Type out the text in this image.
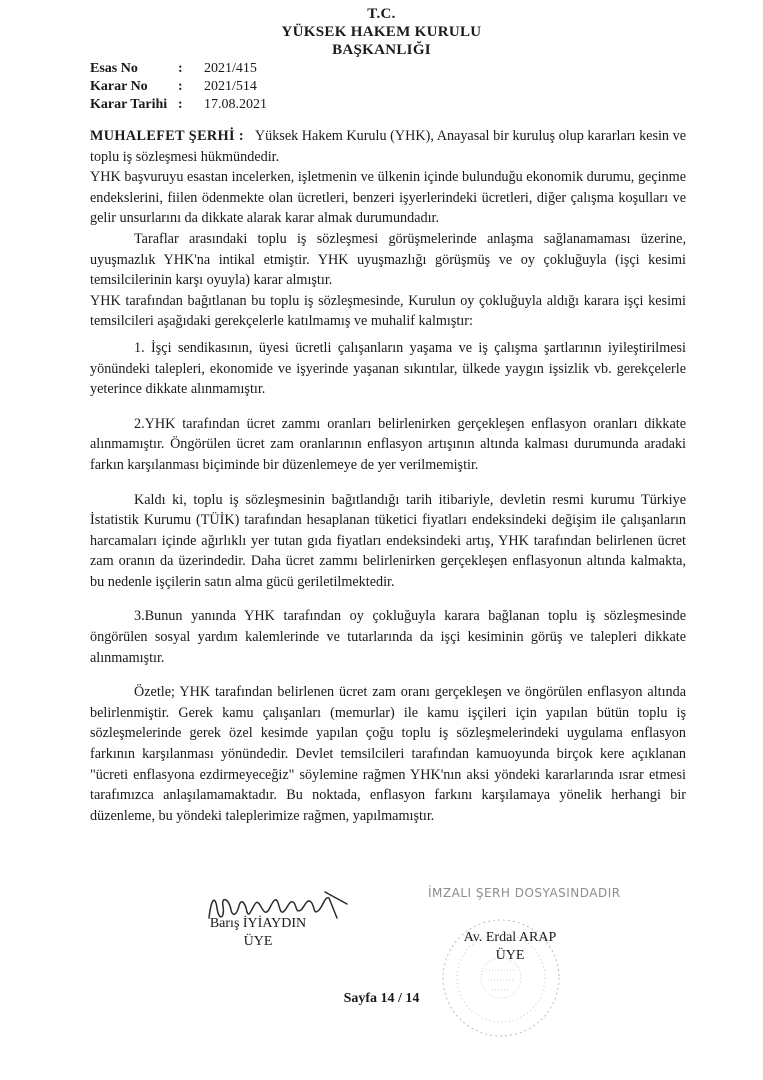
T.C.
YÜKSEK HAKEM KURULU
BAŞKANLIĞI
Esas No	:	2021/415
Karar No	:	2021/514
Karar Tarihi :	17.08.2021

MUHALEFET ŞERHİ : Yüksek Hakem Kurulu (YHK), Anayasal bir kuruluş olup kararları kesin ve toplu iş sözleşmesi hükmündedir.

YHK başvuruyu esastan incelerken, işletmenin ve ülkenin içinde bulunduğu ekonomik durumu, geçinme endekslerini, fiilen ödenmekte olan ücretleri, benzeri işyerlerindeki ücretleri, diğer çalışma koşulları ve gelir unsurlarını da dikkate alarak karar almak durumundadır.

Taraflar arasındaki toplu iş sözleşmesi görüşmelerinde anlaşma sağlanamaması üzerine, uyuşmazlık YHK'na intikal etmiştir. YHK uyuşmazlığı görüşmüş ve oy çokluğuyla (işçi kesimi temsilcilerinin karşı oyuyla) karar almıştır.

YHK tarafından bağıtlanan bu toplu iş sözleşmesinde, Kurulun oy çokluğuyla aldığı karara işçi kesimi temsilcileri aşağıdaki gerekçelerle katılmamış ve muhalif kalmıştır:

1. İşçi sendikasının, üyesi ücretli çalışanların yaşama ve iş çalışma şartlarının iyileştirilmesi yönündeki talepleri, ekonomide ve işyerinde yaşanan sıkıntılar, ülkede yaygın işsizlik vb. gerekçelerle yeterince dikkate alınmamıştır.

2.YHK tarafından ücret zammı oranları belirlenirken gerçekleşen enflasyon oranları dikkate alınmamıştır. Öngörülen ücret zam oranlarının enflasyon artışının altında kalması durumunda aradaki farkın karşılanması biçiminde bir düzenlemeye de yer verilmemiştir.

Kaldı ki, toplu iş sözleşmesinin bağıtlandığı tarih itibariyle, devletin resmi kurumu Türkiye İstatistik Kurumu (TÜİK) tarafından hesaplanan tüketici fiyatları endeksindeki değişim ile çalışanların harcamaları içinde ağırlıklı yer tutan gıda fiyatları endeksindeki artış, YHK tarafından belirlenen ücret zam oranın da üzerindedir. Daha ücret zammı belirlenirken gerçekleşen enflasyonun altında kalmakta, bu nedenle işçilerin satın alma gücü geriletilmektedir.

3.Bunun yanında YHK tarafından oy çokluğuyla karara bağlanan toplu iş sözleşmesinde öngörülen sosyal yardım kalemlerinde ve tutarlarında da işçi kesiminin görüş ve talepleri dikkate alınmamıştır.

Özetle; YHK tarafından belirlenen ücret zam oranı gerçekleşen ve öngörülen enflasyon altında belirlenmiştir. Gerek kamu çalışanları (memurlar) ile kamu işçileri için yapılan bütün toplu iş sözleşmelerinde gerek özel kesimde yapılan çoğu toplu iş sözleşmelerindeki uygulama enflasyon farkının karşılanması yönündedir. Devlet temsilcileri tarafından kamuoyunda birçok kere açıklanan "ücreti enflasyona ezdirmeyeceğiz" söylemine rağmen YHK'nın aksi yöndeki kararlarında ısrar etmesi tarafımızca anlaşılamamaktadır. Bu noktada, enflasyon farkını karşılamaya yönelik herhangi bir düzenleme, bu yöndeki taleplerimize rağmen, yapılmamıştır.

İMZALI ŞERH DOSYASINDADIR
Barış İYİAYDIN
ÜYE	Av. Erdal ARAP
ÜYE
Sayfa 14 / 14
